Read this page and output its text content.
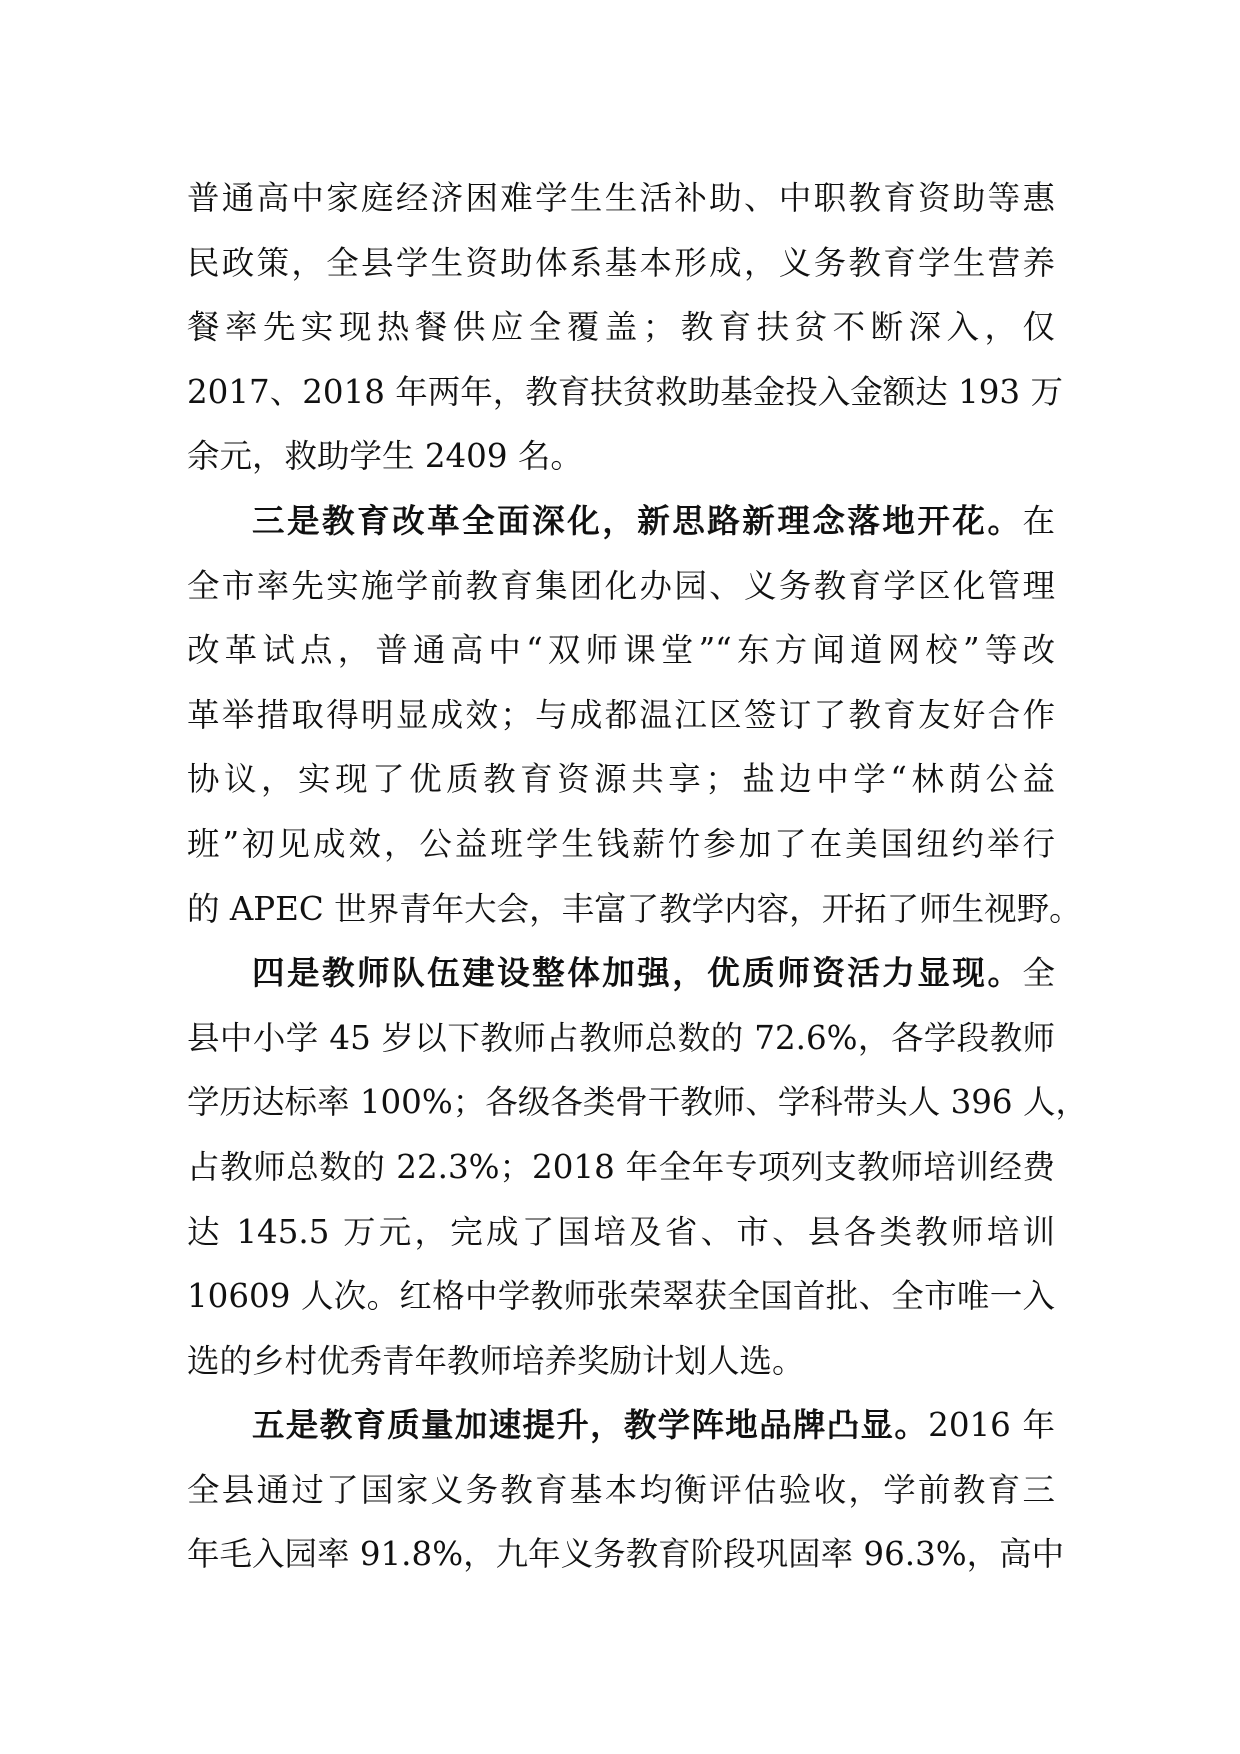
普通高中家庭经济困难学生生活补助、中职教育资助等惠
民政策，全县学生资助体系基本形成，义务教育学生营养
餐率先实现热餐供应全覆盖；教育扶贫不断深入，仅
2017、2018 年两年，教育扶贫救助基金投入金额达 193 万
余元，救助学生 2409 名。
三是教育改革全面深化，新思路新理念落地开花。在
全市率先实施学前教育集团化办园、义务教育学区化管理
改革试点，普通高中“双师课堂”“东方闻道网校”等改
革举措取得明显成效；与成都温江区签订了教育友好合作
协议，实现了优质教育资源共享；盐边中学“林荫公益
班”初见成效，公益班学生钱薪竹参加了在美国纽约举行
的 APEC 世界青年大会，丰富了教学内容，开拓了师生视野。
四是教师队伍建设整体加强，优质师资活力显现。全
县中小学 45 岁以下教师占教师总数的 72.6%，各学段教师
学历达标率 100%；各级各类骨干教师、学科带头人 396 人，
占教师总数的 22.3%；2018 年全年专项列支教师培训经费
达 145.5 万元，完成了国培及省、市、县各类教师培训
10609 人次。红格中学教师张荣翠获全国首批、全市唯一入
选的乡村优秀青年教师培养奖励计划人选。
五是教育质量加速提升，教学阵地品牌凸显。2016 年
全县通过了国家义务教育基本均衡评估验收，学前教育三
年毛入园率 91.8%，九年义务教育阶段巩固率 96.3%，高中
